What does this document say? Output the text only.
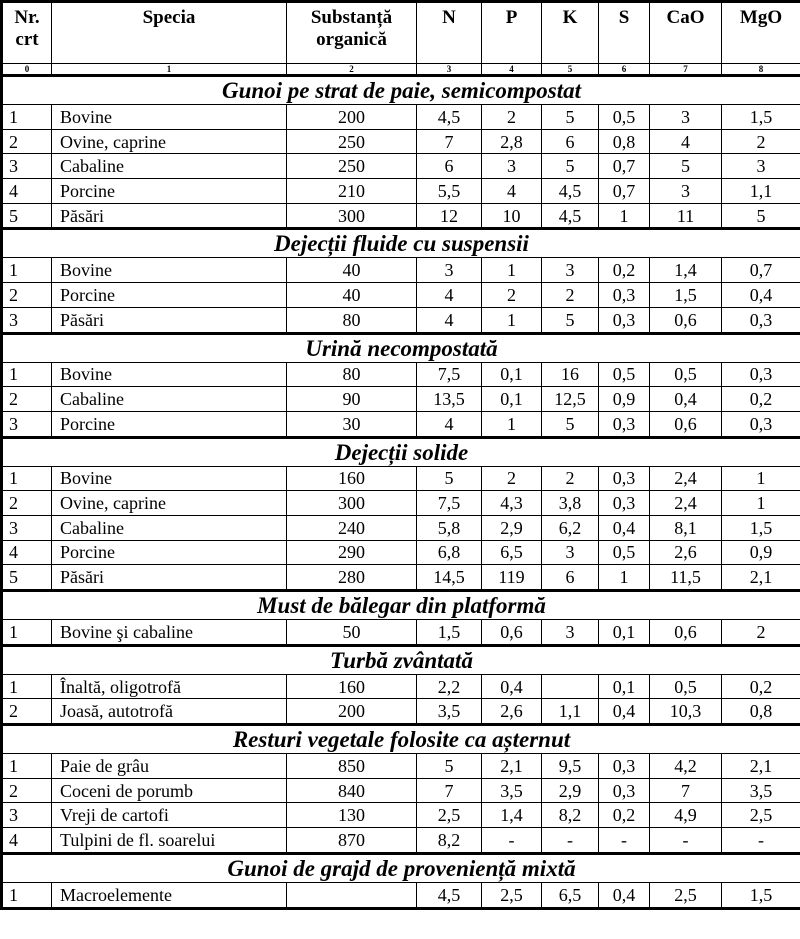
Nr. crt	Specia	Substanță organică	N	P	K	S	CaO	MgO
0	1	2	3	4	5	6	7	8
Gunoi pe strat de paie, semicompostat								
1	Bovine	200	4,5	2	5	0,5	3	1,5
2	Ovine, caprine	250	7	2,8	6	0,8	4	2
3	Cabaline	250	6	3	5	0,7	5	3
4	Porcine	210	5,5	4	4,5	0,7	3	1,1
5	Păsări	300	12	10	4,5	1	11	5
Dejecții fluide cu suspensii								
1	Bovine	40	3	1	3	0,2	1,4	0,7
2	Porcine	40	4	2	2	0,3	1,5	0,4
3	Păsări	80	4	1	5	0,3	0,6	0,3
Urină necompostată								
1	Bovine	80	7,5	0,1	16	0,5	0,5	0,3
2	Cabaline	90	13,5	0,1	12,5	0,9	0,4	0,2
3	Porcine	30	4	1	5	0,3	0,6	0,3
Dejecții solide								
1	Bovine	160	5	2	2	0,3	2,4	1
2	Ovine, caprine	300	7,5	4,3	3,8	0,3	2,4	1
3	Cabaline	240	5,8	2,9	6,2	0,4	8,1	1,5
4	Porcine	290	6,8	6,5	3	0,5	2,6	0,9
5	Păsări	280	14,5	119	6	1	11,5	2,1
Must de bălegar din platformă								
1	Bovine şi cabaline	50	1,5	0,6	3	0,1	0,6	2
Turbă zvântată								
1	Înaltă, oligotrofă	160	2,2	0,4		0,1	0,5	0,2
2	Joasă, autotrofă	200	3,5	2,6	1,1	0,4	10,3	0,8
Resturi vegetale folosite ca așternut								
1	Paie de grâu	850	5	2,1	9,5	0,3	4,2	2,1
2	Coceni de porumb	840	7	3,5	2,9	0,3	7	3,5
3	Vreji de cartofi	130	2,5	1,4	8,2	0,2	4,9	2,5
4	Tulpini de fl. soarelui	870	8,2	-	-	-	-	-
Gunoi de grajd de proveniență mixtă								
1	Macroelemente		4,5	2,5	6,5	0,4	2,5	1,5
